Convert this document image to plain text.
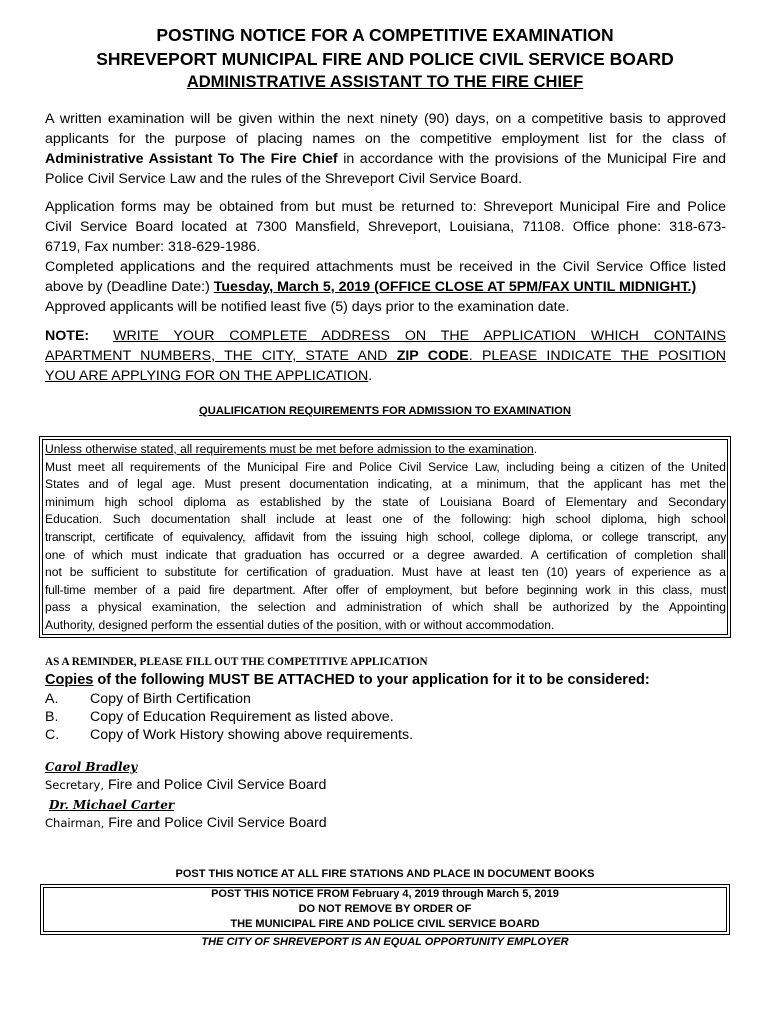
POSTING NOTICE FOR A COMPETITIVE EXAMINATION
SHREVEPORT MUNICIPAL FIRE AND POLICE CIVIL SERVICE BOARD
ADMINISTRATIVE ASSISTANT TO THE FIRE CHIEF

A written examination will be given within the next ninety (90) days, on a competitive basis to approved

applicants for the purpose of placing names on the competitive employment list for the class of

Administrative Assistant To The Fire Chief in accordance with the provisions of the Municipal Fire and

Police Civil Service Law and the rules of the Shreveport Civil Service Board.

Application forms may be obtained from but must be returned to: Shreveport Municipal Fire and Police

Civil Service Board located at 7300 Mansfield, Shreveport, Louisiana, 71108. Office phone: 318-673-

6719, Fax number: 318-629-1986.

Completed applications and the required attachments must be received in the Civil Service Office listed

above by (Deadline Date:) Tuesday, March 5, 2019 (OFFICE CLOSE AT 5PM/FAX UNTIL MIDNIGHT.)

Approved applicants will be notified least five (5) days prior to the examination date.

NOTE: WRITE YOUR COMPLETE ADDRESS ON THE APPLICATION WHICH CONTAINS
APARTMENT NUMBERS, THE CITY, STATE AND ZIP CODE. PLEASE INDICATE THE POSITION
YOU ARE APPLYING FOR ON THE APPLICATION.
QUALIFICATION REQUIREMENTS FOR ADMISSION TO EXAMINATION

Unless otherwise stated, all requirements must be met before admission to the examination.

Must meet all requirements of the Municipal Fire and Police Civil Service Law, including being a citizen of the United

States and of legal age. Must present documentation indicating, at a minimum, that the applicant has met the

minimum high school diploma as established by the state of Louisiana Board of Elementary and Secondary

Education. Such documentation shall include at least one of the following: high school diploma, high school

transcript, certificate of equivalency, affidavit from the issuing high school, college diploma, or college transcript, any

one of which must indicate that graduation has occurred or a degree awarded. A certification of completion shall

not be sufficient to substitute for certification of graduation. Must have at least ten (10) years of experience as a

full-time member of a paid fire department. After offer of employment, but before beginning work in this class, must

pass a physical examination, the selection and administration of which shall be authorized by the Appointing

Authority, designed perform the essential duties of the position, with or without accommodation.

AS A REMINDER, PLEASE FILL OUT THE COMPETITIVE APPLICATION
Copies of the following MUST BE ATTACHED to your application for it to be considered:
A.	Copy of Birth Certification
B.	Copy of Education Requirement as listed above.
C.	Copy of Work History showing above requirements.
Carol Bradley
Secretary, Fire and Police Civil Service Board
Dr. Michael Carter
Chairman, Fire and Police Civil Service Board
POST THIS NOTICE AT ALL FIRE STATIONS AND PLACE IN DOCUMENT BOOKS
POST THIS NOTICE FROM February 4, 2019 through March 5, 2019
DO NOT REMOVE BY ORDER OF
THE MUNICIPAL FIRE AND POLICE CIVIL SERVICE BOARD
THE CITY OF SHREVEPORT IS AN EQUAL OPPORTUNITY EMPLOYER
